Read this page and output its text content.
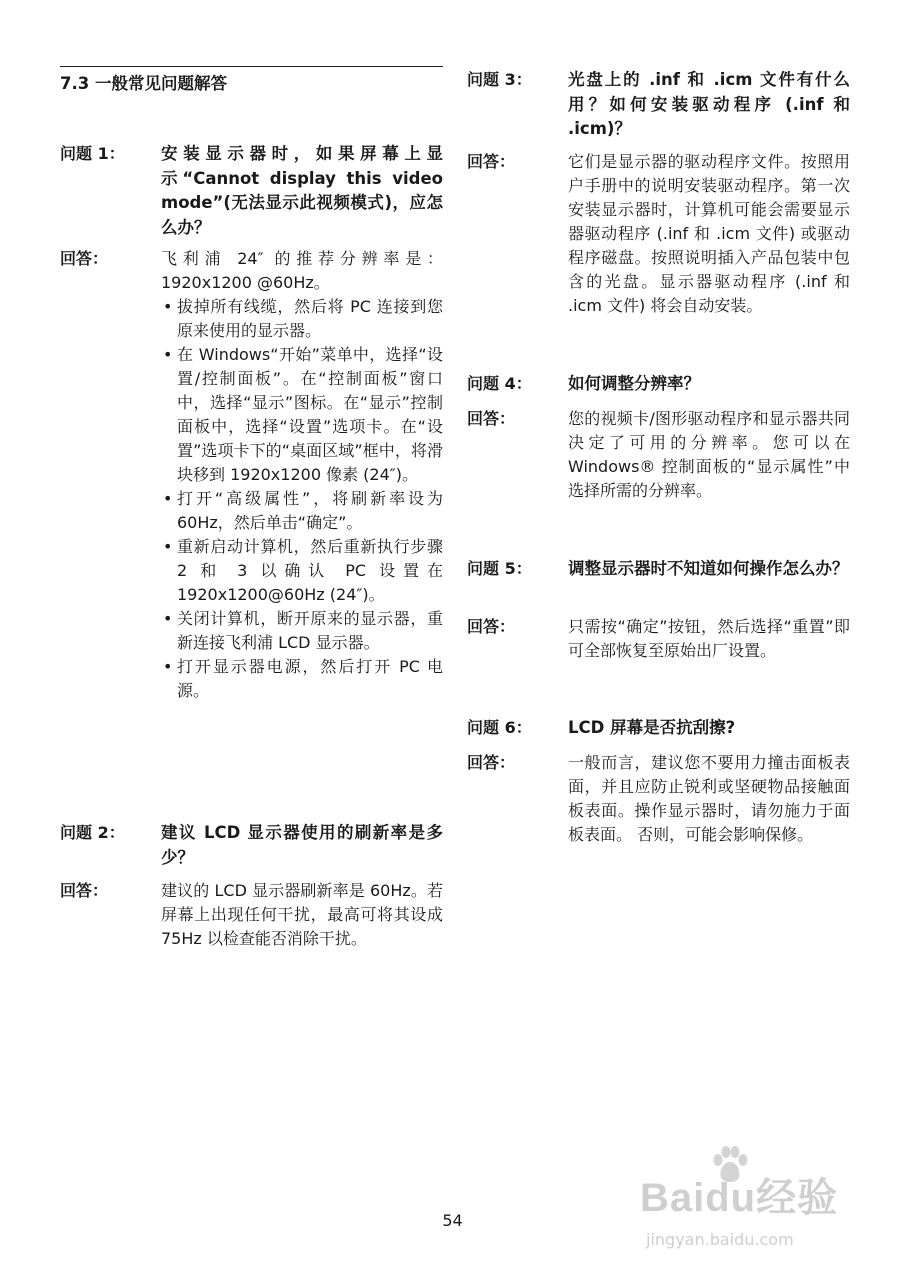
7.3 一般常见问题解答
问题 1：	安装显示器时，如果屏幕上显示“Cannot display this video mode”(无法显示此视频模式)，应怎么办？
回答：	飞利浦 24″ 的推荐分辨率是：1920x1200 @60Hz。
• 拔掉所有线缆，然后将 PC 连接到您原来使用的显示器。
• 在 Windows“开始”菜单中，选择“设置/控制面板”。在“控制面板”窗口中，选择“显示”图标。在“显示”控制面板中，选择“设置”选项卡。在“设置”选项卡下的“桌面区域”框中，将滑块移到 1920x1200 像素 (24″)。
• 打开“高级属性”，将刷新率设为 60Hz，然后单击“确定”。
• 重新启动计算机，然后重新执行步骤 2 和 3 以确认 PC 设置在 1920x1200@60Hz (24″)。
• 关闭计算机，断开原来的显示器，重新连接飞利浦 LCD 显示器。
• 打开显示器电源，然后打开 PC 电源。
问题 2：	建议 LCD 显示器使用的刷新率是多少？
回答：	建议的 LCD 显示器刷新率是 60Hz。若屏幕上出现任何干扰，最高可将其设成 75Hz 以检查能否消除干扰。
问题 3：	光盘上的 .inf 和 .icm 文件有什么用？如何安装驱动程序 (.inf 和 .icm)？
回答：	它们是显示器的驱动程序文件。按照用户手册中的说明安装驱动程序。第一次安装显示器时，计算机可能会需要显示器驱动程序 (.inf 和 .icm 文件) 或驱动程序磁盘。按照说明插入产品包装中包含的光盘。显示器驱动程序 (.inf 和 .icm 文件) 将会自动安装。
问题 4：	如何调整分辨率？
回答：	您的视频卡/图形驱动程序和显示器共同决定了可用的分辨率。您可以在 Windows® 控制面板的“显示属性”中选择所需的分辨率。
问题 5：	调整显示器时不知道如何操作怎么办？
回答：	只需按“确定”按钮，然后选择“重置”即可全部恢复至原始出厂设置。
问题 6：	LCD 屏幕是否抗刮擦?
回答：	一般而言，建议您不要用力撞击面板表面，并且应防止锐利或坚硬物品接触面板表面。操作显示器时，请勿施力于面板表面。 否则，可能会影响保修。
54
Baidu经验
jingyan.baidu.com
